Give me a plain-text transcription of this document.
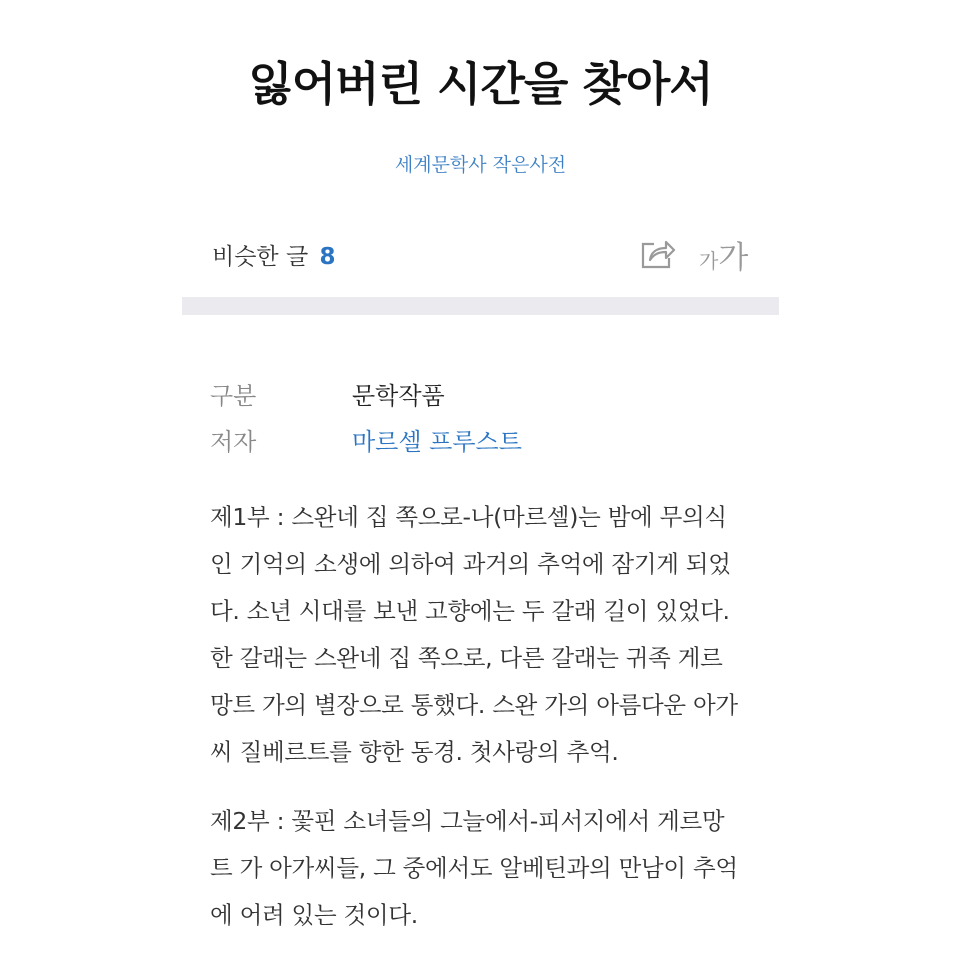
잃어버린 시간을 찾아서
세계문학사 작은사전
비슷한 글 8	가가
구분	문학작품
저자	마르셀 프루스트
제1부 : 스완네 집 쪽으로-나(마르셀)는 밤에 무의식
인 기억의 소생에 의하여 과거의 추억에 잠기게 되었
다. 소년 시대를 보낸 고향에는 두 갈래 길이 있었다.
한 갈래는 스완네 집 쪽으로, 다른 갈래는 귀족 게르
망트 가의 별장으로 통했다. 스완 가의 아름다운 아가
씨 질베르트를 향한 동경. 첫사랑의 추억.
제2부 : 꽃핀 소녀들의 그늘에서-피서지에서 게르망
트 가 아가씨들, 그 중에서도 알베틴과의 만남이 추억
에 어려 있는 것이다.
